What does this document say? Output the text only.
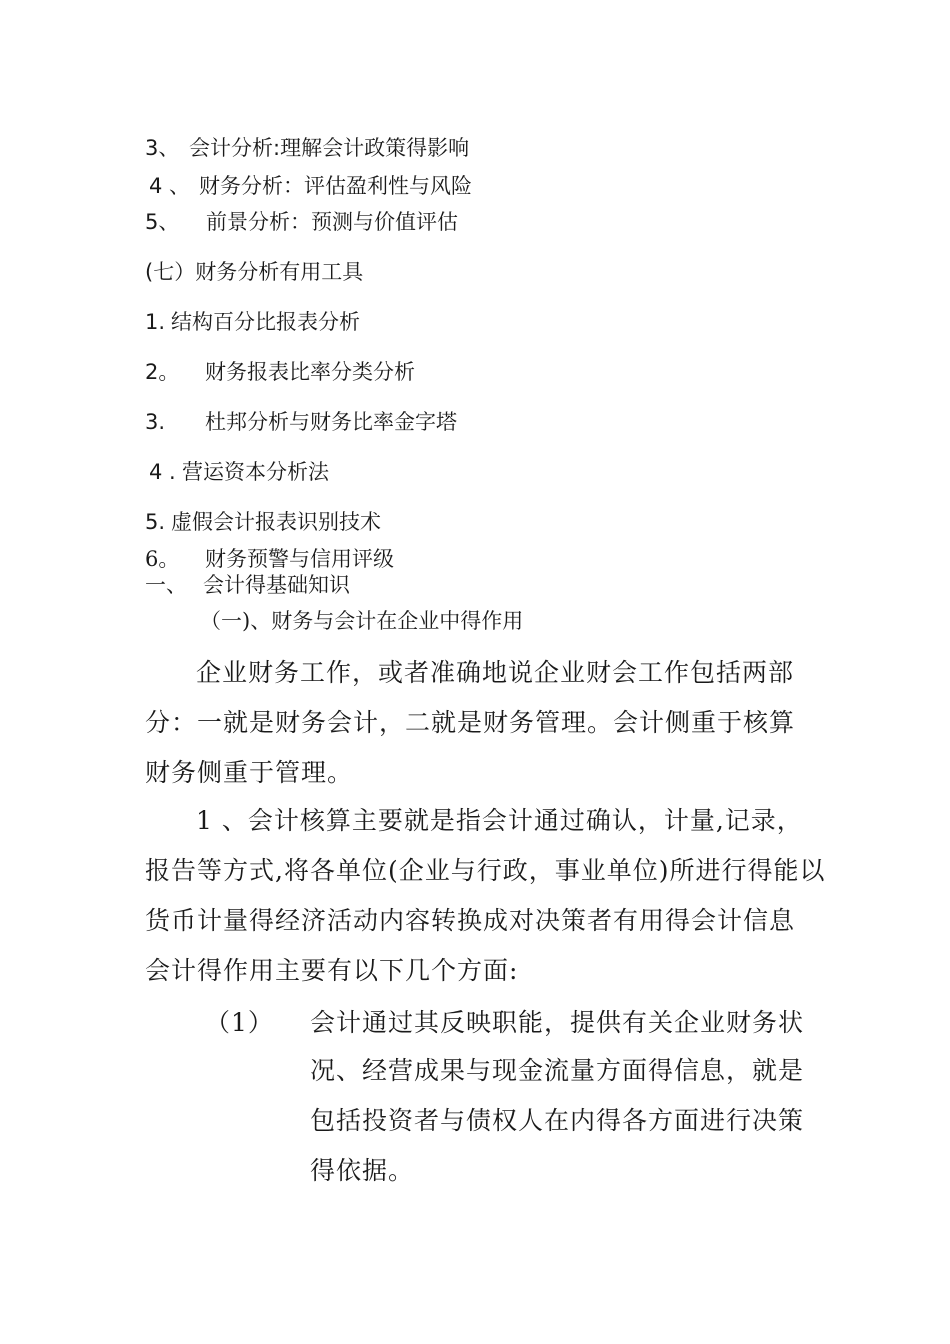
3、 会计分析:理解会计政策得影响
4 、 财务分析：评估盈利性与风险
5、 前景分析：预测与价值评估
(七）财务分析有用工具
1. 结构百分比报表分析
2。 财务报表比率分类分析
3. 杜邦分析与财务比率金字塔
4 . 营运资本分析法
5. 虚假会计报表识别技术
6。 财务预警与信用评级
一、 会计得基础知识
（一)、财务与会计在企业中得作用
企业财务工作，或者准确地说企业财会工作包括两部
分：一就是财务会计，二就是财务管理。会计侧重于核算
财务侧重于管理。
1 、会计核算主要就是指会计通过确认，计量,记录，
报告等方式,将各单位(企业与行政，事业单位)所进行得能以
货币计量得经济活动内容转换成对决策者有用得会计信息
会计得作用主要有以下几个方面:
（1） 会计通过其反映职能，提供有关企业财务状
况、经营成果与现金流量方面得信息，就是
包括投资者与债权人在内得各方面进行决策
得依据。
